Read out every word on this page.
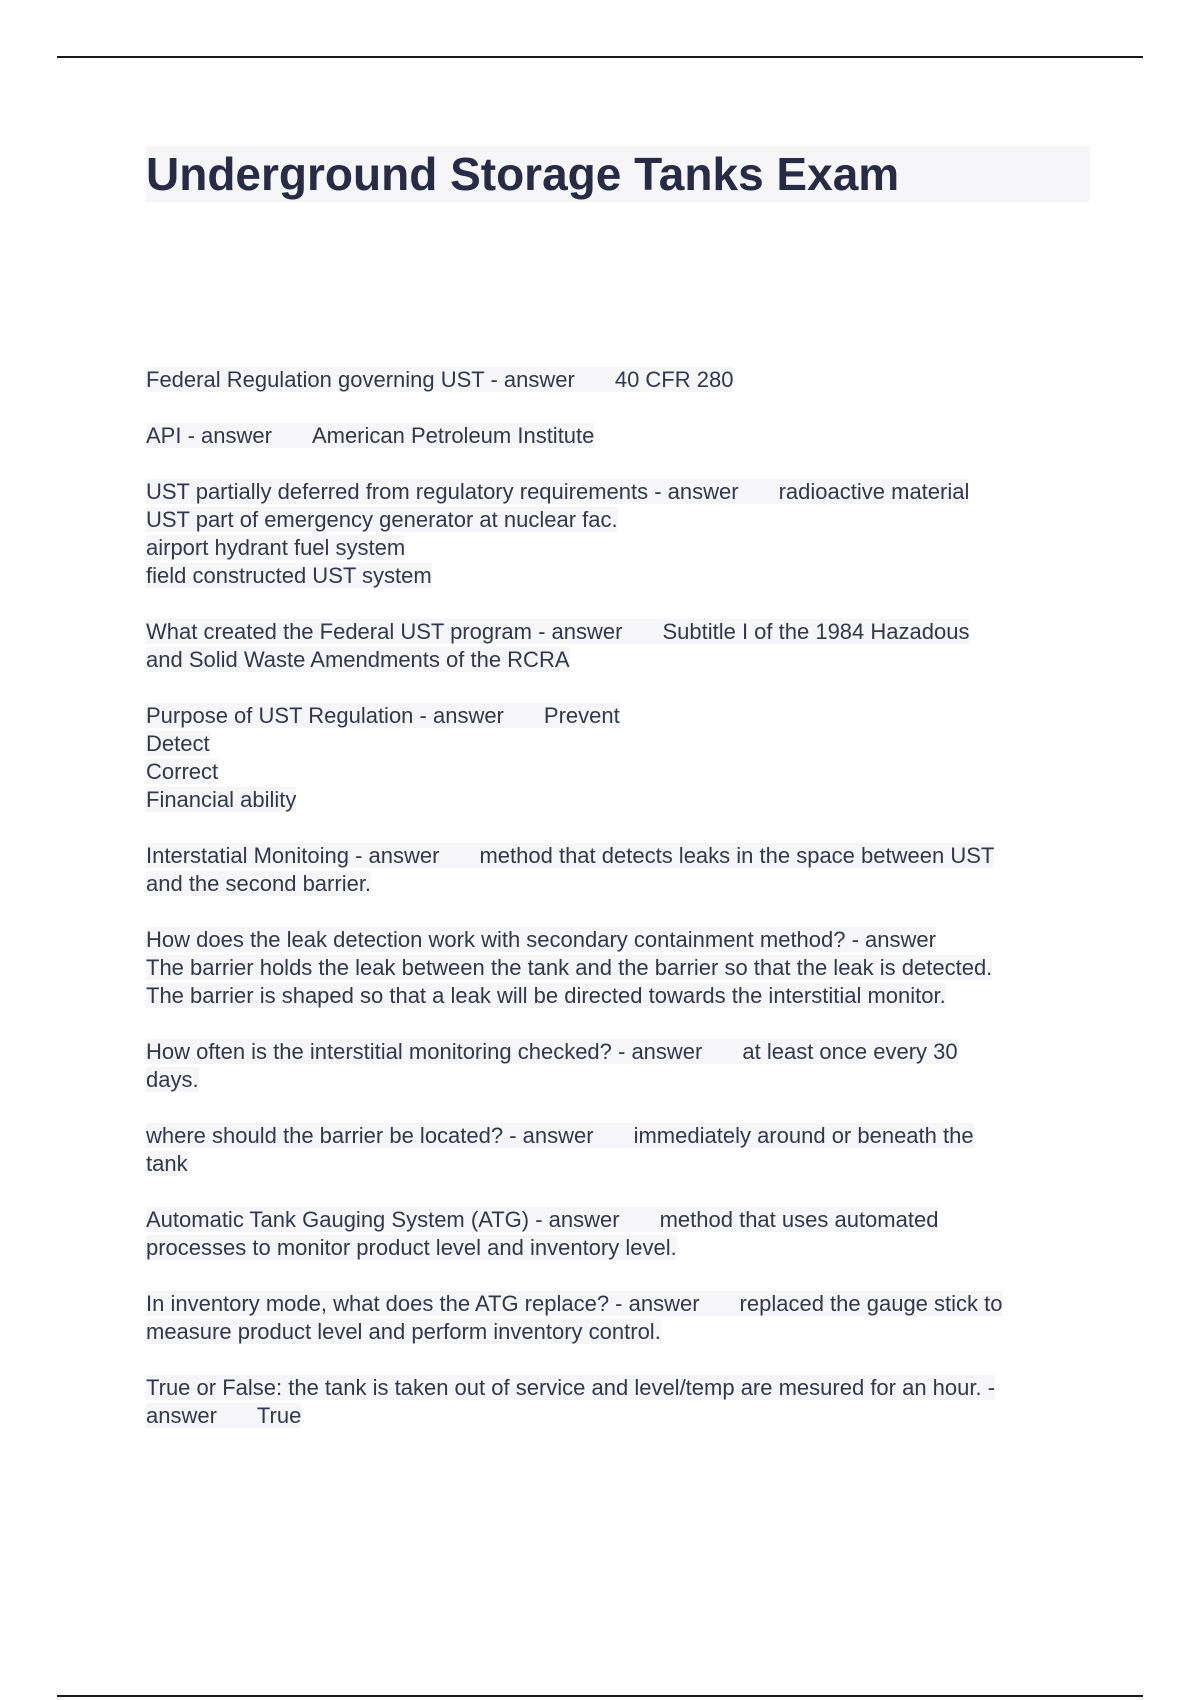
Underground Storage Tanks Exam
Federal Regulation governing UST - answer 40 CFR 280
API - answer American Petroleum Institute
UST partially deferred from regulatory requirements - answer radioactive material
UST part of emergency generator at nuclear fac.
airport hydrant fuel system
field constructed UST system
What created the Federal UST program - answer Subtitle I of the 1984 Hazadous
and Solid Waste Amendments of the RCRA
Purpose of UST Regulation - answer Prevent
Detect
Correct
Financial ability
Interstatial Monitoing - answer method that detects leaks in the space between UST
and the second barrier.
How does the leak detection work with secondary containment method? - answer
The barrier holds the leak between the tank and the barrier so that the leak is detected.
The barrier is shaped so that a leak will be directed towards the interstitial monitor.
How often is the interstitial monitoring checked? - answer at least once every 30
days.
where should the barrier be located? - answer immediately around or beneath the
tank
Automatic Tank Gauging System (ATG) - answer method that uses automated
processes to monitor product level and inventory level.
In inventory mode, what does the ATG replace? - answer replaced the gauge stick to
measure product level and perform inventory control.
True or False: the tank is taken out of service and level/temp are mesured for an hour. -
answer True
